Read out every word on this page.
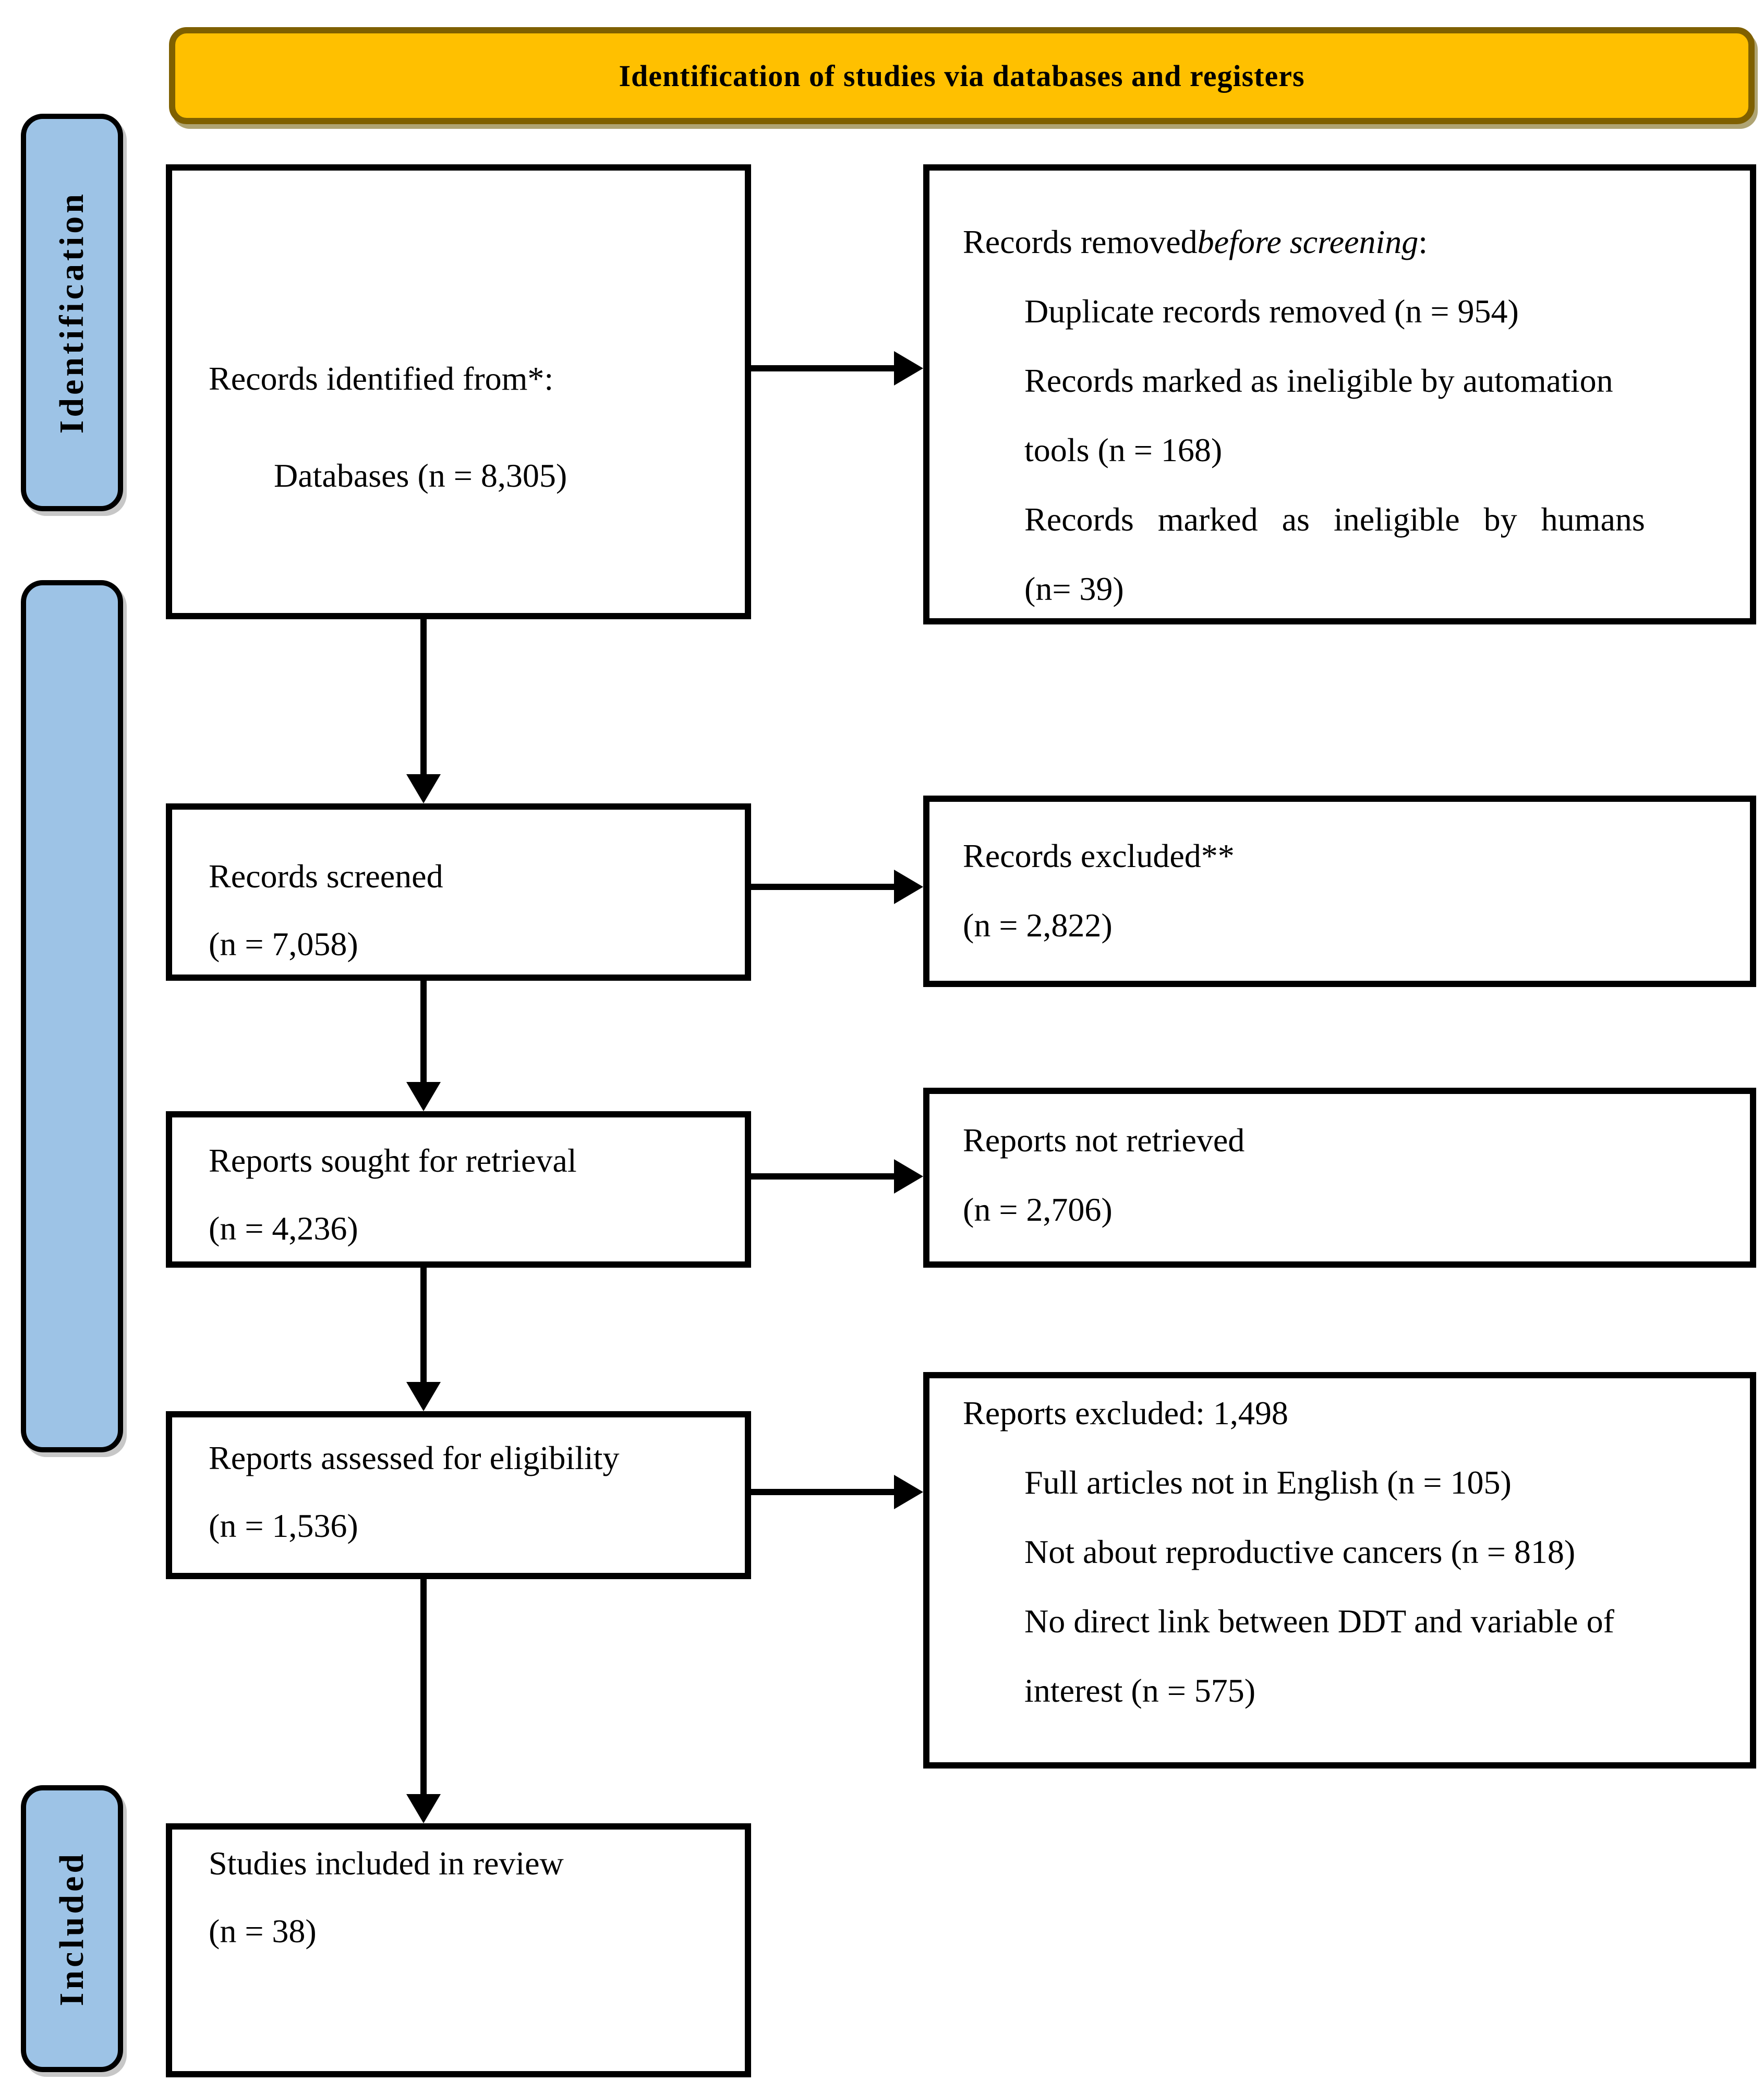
Identification of studies via databases and registers
Identification
Included
Records identified from*:
Databases (n = 8,305)
Records screened
(n = 7,058)
Reports sought for retrieval
(n = 4,236)
Reports assessed for eligibility
(n = 1,536)
Studies included in review
(n = 38)
Records removed before screening :
Duplicate records removed (n = 954)
Records marked as ineligible by automation
tools (n = 168)
Records marked as ineligible by humans
(n= 39)
Records excluded**
(n = 2,822)
Reports not retrieved
(n = 2,706)
Reports excluded: 1,498
Full articles not in English (n = 105)
Not about reproductive cancers (n = 818)
No direct link between DDT and variable of
interest (n = 575)
